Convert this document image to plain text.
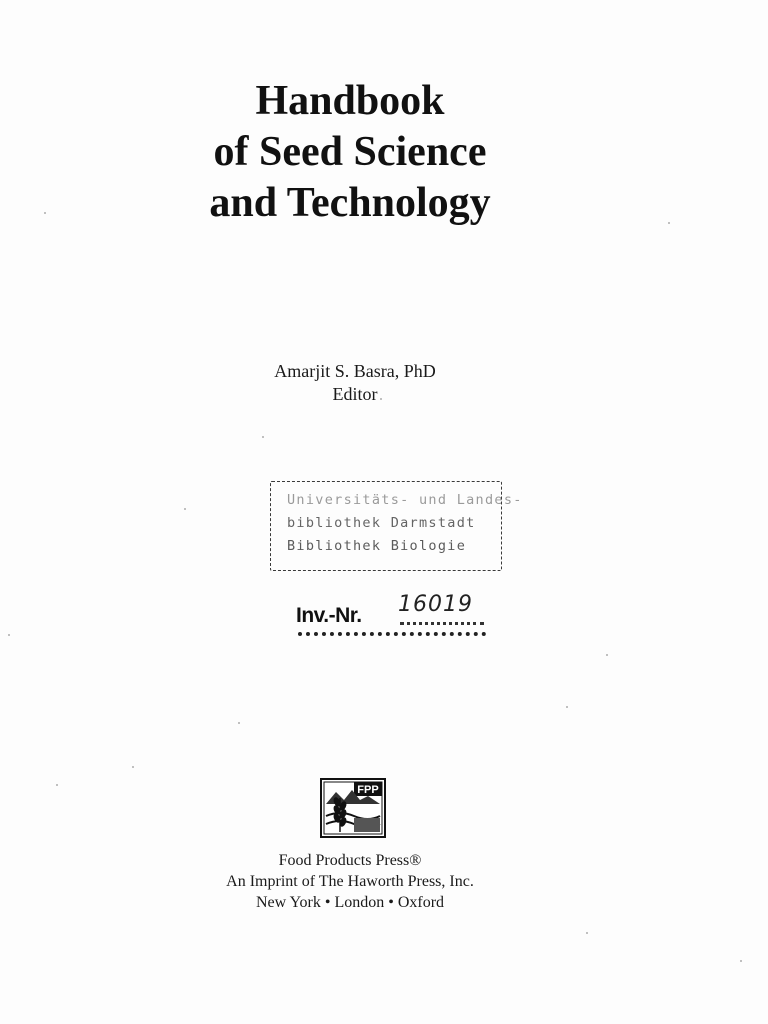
Handbook
of Seed Science
and Technology
Amarjit S. Basra, PhD
Editor
Universitäts- und Landes-
bibliothek Darmstadt
Bibliothek Biologie
Inv.-Nr. 16019
FPP
Food Products Press®
An Imprint of The Haworth Press, Inc.
New York • London • Oxford
